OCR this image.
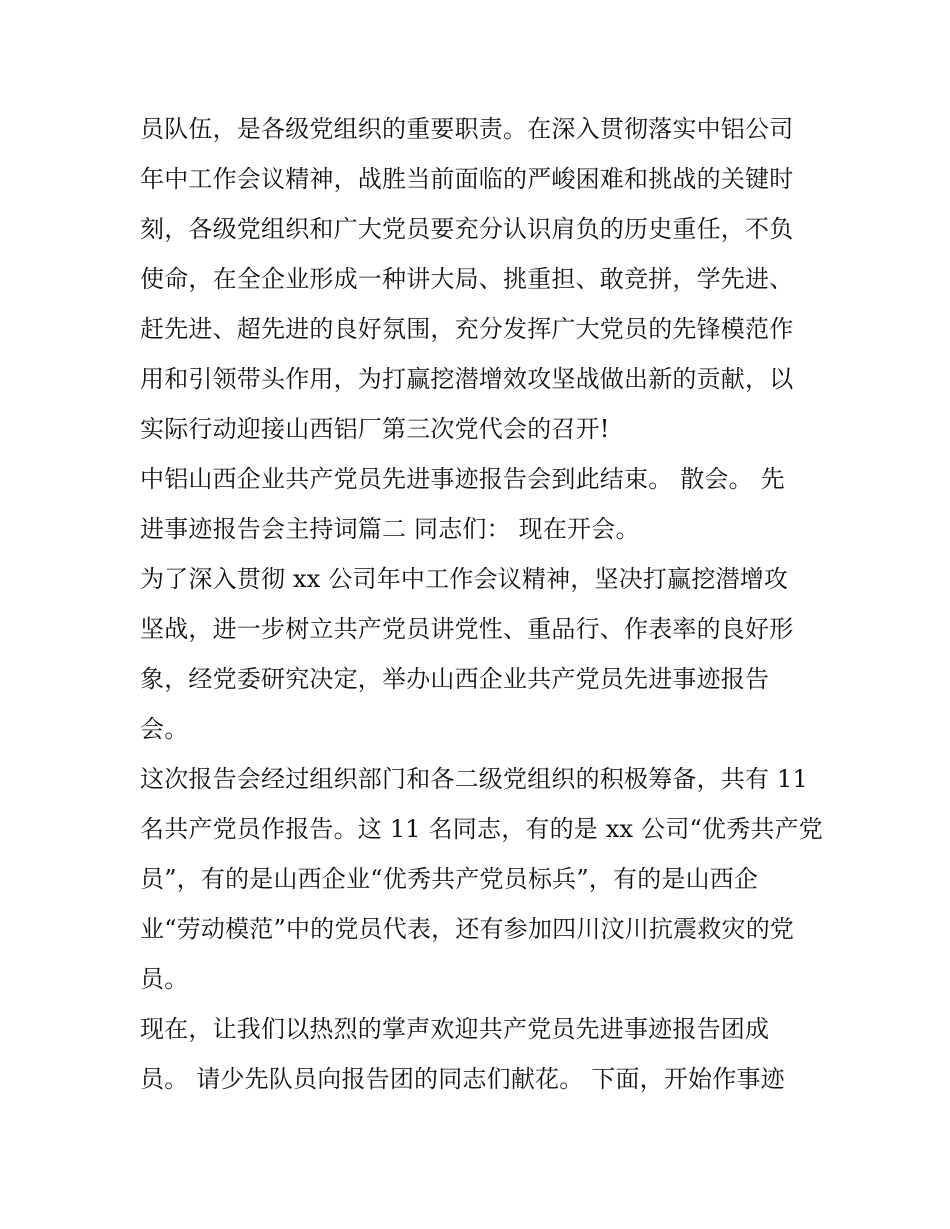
员队伍，是各级党组织的重要职责。在深入贯彻落实中铝公司
年中工作会议精神，战胜当前面临的严峻困难和挑战的关键时
刻，各级党组织和广大党员要充分认识肩负的历史重任，不负
使命，在全企业形成一种讲大局、挑重担、敢竞拼，学先进、
赶先进、超先进的良好氛围，充分发挥广大党员的先锋模范作
用和引领带头作用，为打赢挖潜增效攻坚战做出新的贡献，以
实际行动迎接山西铝厂第三次党代会的召开!
中铝山西企业共产党员先进事迹报告会到此结束。 散会。 先
进事迹报告会主持词篇二 同志们： 现在开会。
为了深入贯彻 xx 公司年中工作会议精神，坚决打赢挖潜增攻
坚战，进一步树立共产党员讲党性、重品行、作表率的良好形
象，经党委研究决定，举办山西企业共产党员先进事迹报告
会。
这次报告会经过组织部门和各二级党组织的积极筹备，共有 11
名共产党员作报告。这 11 名同志，有的是 xx 公司“优秀共产党
员”，有的是山西企业“优秀共产党员标兵”，有的是山西企
业“劳动模范”中的党员代表，还有参加四川汶川抗震救灾的党
员。
现在，让我们以热烈的掌声欢迎共产党员先进事迹报告团成
员。 请少先队员向报告团的同志们献花。 下面，开始作事迹
